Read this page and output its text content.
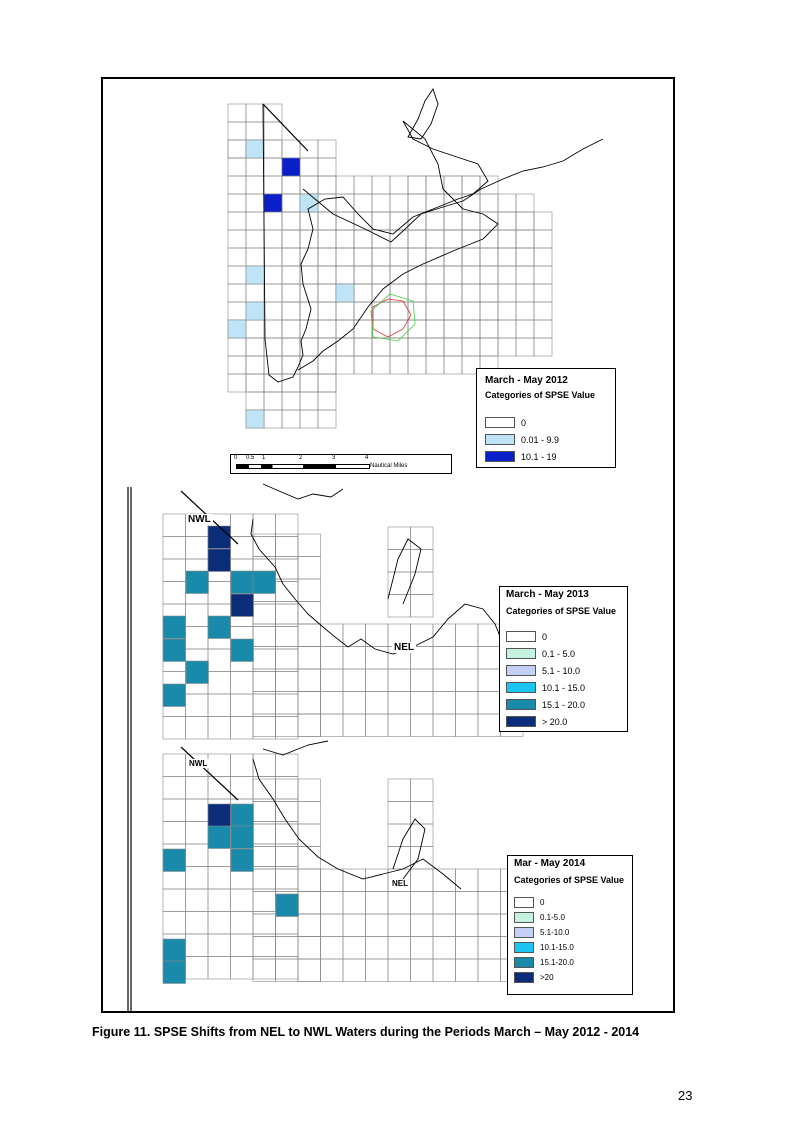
March - May 2012

Categories of SPSE Value

0
0.01 - 9.9
10.1 - 19
0 0.5 1	2	3	4
Nautical Miles
NWL
NEL

March - May 2013

Categories of SPSE Value

0
0.1 - 5.0
5.1 - 10.0
10.1 - 15.0
15.1 - 20.0
> 20.0
NWL
NEL

Mar - May 2014

Categories of SPSE Value

0
0.1-5.0
5.1-10.0
10.1-15.0
15.1-20.0
>20
Figure 11. SPSE Shifts from NEL to NWL Waters during the Periods March – May 2012 - 2014
23
